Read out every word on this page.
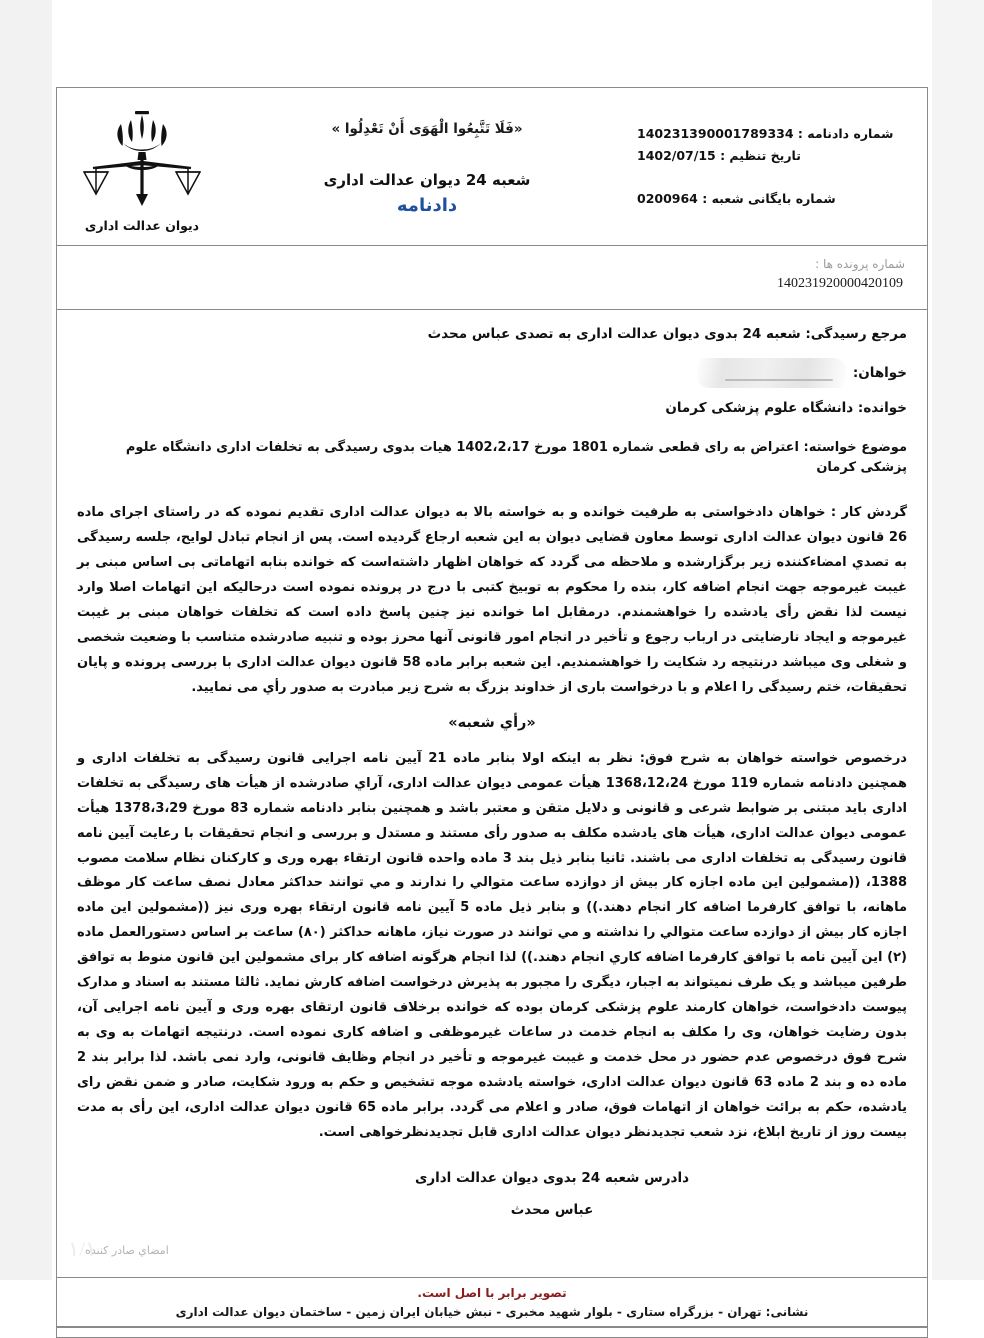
شماره دادنامه : 140231390001789334
تاریخ تنظیم : 1402/07/15
شماره بایگانی شعبه : 0200964
«فَلَا تَتَّبِعُوا الْهَوَى أَنْ تَعْدِلُوا »
شعبه 24 دیوان عدالت اداری
دادنامه
دیوان عدالت اداری
شماره پرونده ها :
140231920000420109
مرجع رسیدگی: شعبه 24 بدوی دیوان عدالت اداری به تصدی عباس محدث
خواهان:
خوانده: دانشگاه علوم پزشکی کرمان
موضوع خواسته: اعتراض به رای قطعی شماره 1801 مورخ 1402،2،17 هیات بدوی رسیدگی به تخلفات اداری دانشگاه علوم پزشکی کرمان
گردش کار : خواهان دادخواستی به طرفیت خوانده و به خواسته بالا به دیوان عدالت اداری تقدیم نموده که در راستای اجرای ماده 26 قانون دیوان عدالت اداری توسط معاون قضایی دیوان به این شعبه ارجاع گردیده است. پس از انجام تبادل لوایح، جلسه رسیدگی به تصدي امضاءکننده زیر برگزارشده و ملاحظه می گردد که خواهان اظهار داشته‌است که خوانده بنابه اتهاماتی بی اساس مبنی بر غیبت غیرموجه جهت انجام اضافه کار، بنده را محکوم به توبیخ کتبی با درج در پرونده نموده است درحالیکه این اتهامات اصلا وارد نیست لذا نقض رأی یادشده را خواهشمندم. درمقابل اما خوانده نیز چنین پاسخ داده است که تخلفات خواهان مبنی بر غیبت غیرموجه و ایجاد نارضایتی در ارباب رجوع و تأخیر در انجام امور قانونی آنها محرز بوده و تنبیه صادرشده متناسب با وضعیت شخصی و شغلی وی میباشد درنتیجه رد شکایت را خواهشمندیم. این شعبه برابر ماده 58 قانون دیوان عدالت اداری با بررسی پرونده و پایان تحقیقات، ختم رسیدگی را اعلام و با درخواست باری از خداوند بزرگ به شرح زیر مبادرت به صدور رأي می نمایید.
«رأي شعبه»
درخصوص خواسته خواهان به شرح فوق: نظر به اینکه اولا بنابر ماده 21 آیین نامه اجرایی قانون رسیدگی به تخلفات اداری و همچنین دادنامه شماره 119 مورخ 1368،12،24 هیأت عمومی دیوان عدالت اداری، آراي صادرشده از هیأت های رسیدگی به تخلفات اداری باید مبتنی بر ضوابط شرعی و قانونی و دلایل متقن و معتبر باشد و همچنین بنابر دادنامه شماره 83 مورخ 1378،3،29 هیأت عمومی دیوان عدالت اداری، هیأت های یادشده مکلف به صدور رأی مستند و مستدل و بررسی و انجام تحقیقات با رعایت آیین نامه قانون رسیدگی به تخلفات اداری می باشند. ثانیا بنابر ذیل بند 3 ماده واحده قانون ارتقاء بهره وری و کارکنان نظام سلامت مصوب 1388، ((مشمولین این ماده اجازه کار بیش از دوازده ساعت متوالي را ندارند و مي توانند حداکثر معادل نصف ساعت کار موظف ماهانه، با توافق کارفرما اضافه کار انجام دهند.)) و بنابر ذیل ماده 5 آیین نامه قانون ارتقاء بهره وری نیز ((مشمولین این ماده اجازه کار بیش از دوازده ساعت متوالي را نداشته و مي توانند در صورت نیاز، ماهانه حداکثر (۸۰) ساعت بر اساس دستورالعمل ماده (۲) این آیین نامه با توافق کارفرما اضافه کاري انجام دهند.)) لذا انجام هرگونه اضافه کار برای مشمولین این قانون منوط به توافق طرفین میباشد و یک طرف نمیتواند به اجبار، دیگری را مجبور به پذیرش درخواست اضافه کارش نماید. ثالثا مستند به اسناد و مدارک پیوست دادخواست، خواهان کارمند علوم پزشکی کرمان بوده که خوانده برخلاف قانون ارتقای بهره وری و آیین نامه اجرایی آن، بدون رضایت خواهان، وی را مکلف به انجام خدمت در ساعات غیرموظفی و اضافه کاری نموده است. درنتیجه اتهامات به وی به شرح فوق درخصوص عدم حضور در محل خدمت و غیبت غیرموجه و تأخیر در انجام وظایف قانونی، وارد نمی باشد. لذا برابر بند 2 ماده ده و بند 2 ماده 63 قانون دیوان عدالت اداری، خواسته یادشده موجه تشخیص و حکم به ورود شکایت، صادر و ضمن نقض رای یادشده، حکم به برائت خواهان از اتهامات فوق، صادر و اعلام می گردد. برابر ماده 65 قانون دیوان عدالت اداری، این رأی به مدت بیست روز از تاریخ ابلاغ، نزد شعب تجدیدنظر دیوان عدالت اداری قابل تجدیدنظرخواهی است.
دادرس شعبه 24 بدوی دیوان عدالت اداری
عباس محدث
امضاي صادر کننده
تصویر برابر با اصل است.
نشانی: تهران - بزرگراه ستاری - بلوار شهید مخبری - نبش خیابان ایران زمین - ساختمان دیوان عدالت اداری
۱/۱
